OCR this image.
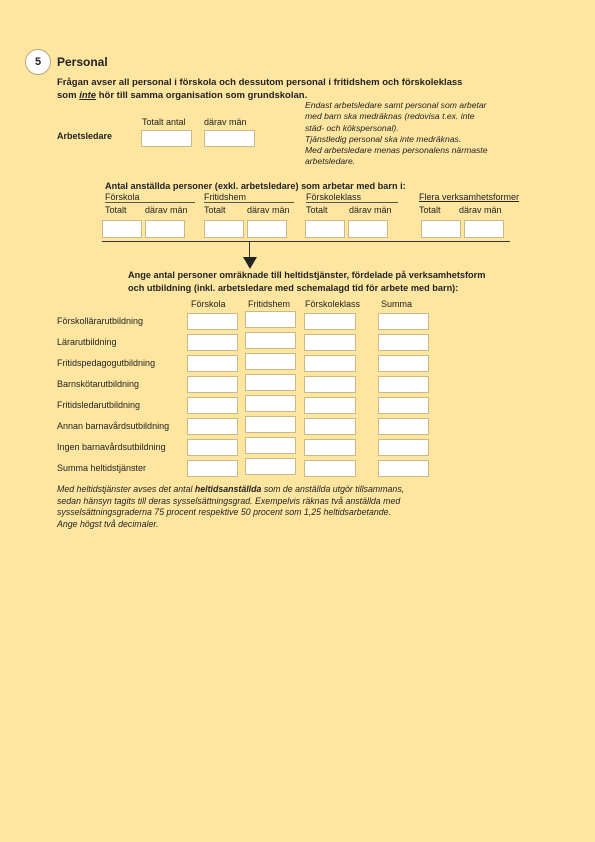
5	Personal
Frågan avser all personal i förskola och dessutom personal i fritidshem och förskoleklass
som inte hör till samma organisation som grundskolan.
Endast arbetsledare samt personal som arbetar
med barn ska medräknas (redovisa t.ex. inte
städ- och kökspersonal).
Tjänstledig personal ska inte medräknas.
Med arbetsledare menas personalens närmaste
arbetsledare.
Totalt antal därav män
Arbetsledare
Antal anställda personer (exkl. arbetsledare) som arbetar med barn i:
Förskola	Fritidshem	Förskoleklass	Flera verksamhetsformer
Totalt därav män Totalt därav män Totalt därav män	Totalt därav män
Ange antal personer omräknade till heltidstjänster, fördelade på verksamhetsform
och utbildning (inkl. arbetsledare med schemalagd tid för arbete med barn):
Förskola Fritidshem Förskoleklass Summa
Förskollärarutbildning
Lärarutbildning
Fritidspedagogutbildning
Barnskötarutbildning
Fritidsledarutbildning
Annan barnavårdsutbildning
Ingen barnavårdsutbildning
Summa heltidstjänster
Med heltidstjänster avses det antal heltidsanställda som de anställda utgör tillsammans,
sedan hänsyn tagits till deras sysselsättningsgrad. Exempelvis räknas två anställda med
sysselsättningsgraderna 75 procent respektive 50 procent som 1,25 heltidsarbetande.
Ange högst två decimaler.
